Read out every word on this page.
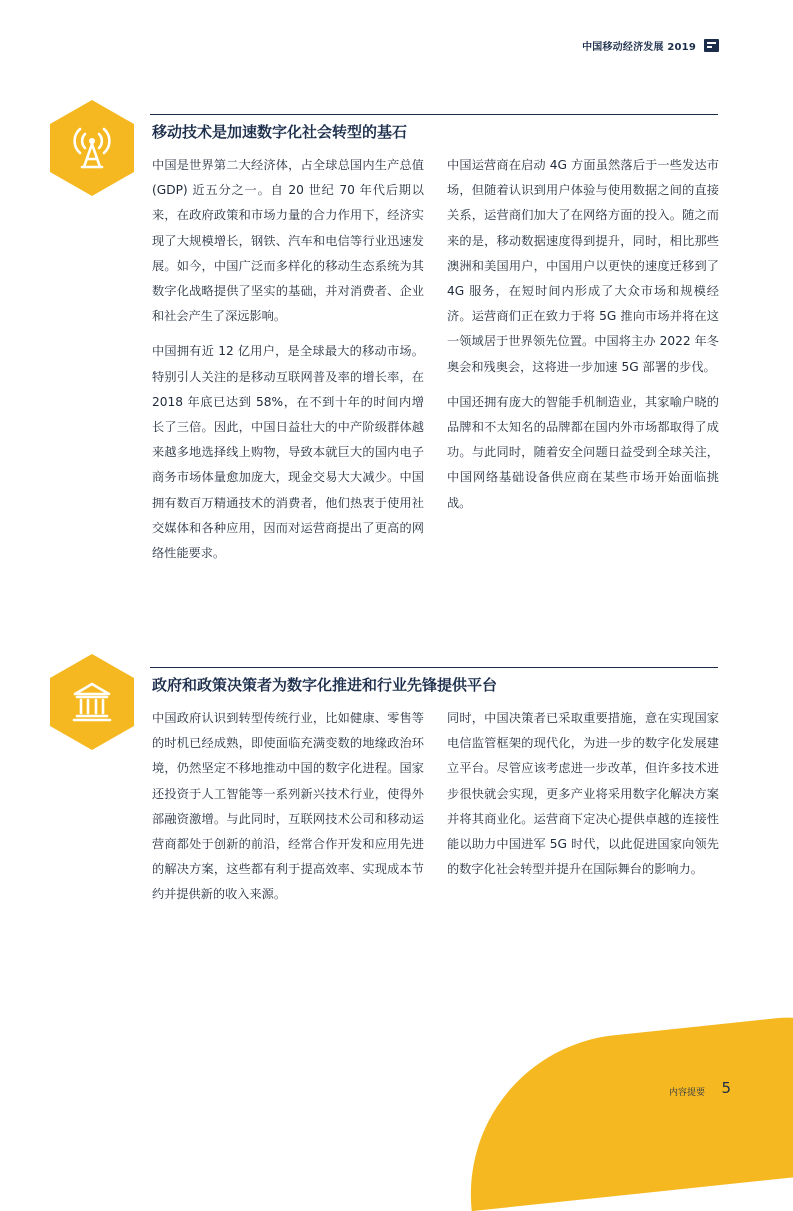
中国移动经济发展 2019
移动技术是加速数字化社会转型的基石

中国是世界第二大经济体，占全球总国内生产总值 (GDP) 近五分之一。自 20 世纪 70 年代后期以来，在政府政策和市场力量的合力作用下，经济实现了大规模增长，钢铁、汽车和电信等行业迅速发展。如今，中国广泛而多样化的移动生态系统为其数字化战略提供了坚实的基础，并对消费者、企业和社会产生了深远影响。

中国拥有近 12 亿用户，是全球最大的移动市场。特别引人关注的是移动互联网普及率的增长率，在 2018 年底已达到 58%，在不到十年的时间内增长了三倍。因此，中国日益壮大的中产阶级群体越来越多地选择线上购物，导致本就巨大的国内电子商务市场体量愈加庞大，现金交易大大减少。中国拥有数百万精通技术的消费者，他们热衷于使用社交媒体和各种应用，因而对运营商提出了更高的网络性能要求。

中国运营商在启动 4G 方面虽然落后于一些发达市场，但随着认识到用户体验与使用数据之间的直接关系，运营商们加大了在网络方面的投入。随之而来的是，移动数据速度得到提升，同时，相比那些澳洲和美国用户，中国用户以更快的速度迁移到了 4G 服务，在短时间内形成了大众市场和规模经济。运营商们正在致力于将 5G 推向市场并将在这一领域居于世界领先位置。中国将主办 2022 年冬奥会和残奥会，这将进一步加速 5G 部署的步伐。

中国还拥有庞大的智能手机制造业，其家喻户晓的品牌和不太知名的品牌都在国内外市场都取得了成功。与此同时，随着安全问题日益受到全球关注，中国网络基础设备供应商在某些市场开始面临挑战。

政府和政策决策者为数字化推进和行业先锋提供平台

中国政府认识到转型传统行业，比如健康、零售等的时机已经成熟，即使面临充满变数的地缘政治环境，仍然坚定不移地推动中国的数字化进程。国家还投资于人工智能等一系列新兴技术行业，使得外部融资激增。与此同时，互联网技术公司和移动运营商都处于创新的前沿，经常合作开发和应用先进的解决方案，这些都有利于提高效率、实现成本节约并提供新的收入来源。

同时，中国决策者已采取重要措施，意在实现国家电信监管框架的现代化，为进一步的数字化发展建立平台。尽管应该考虑进一步改革，但许多技术进步很快就会实现，更多产业将采用数字化解决方案并将其商业化。运营商下定决心提供卓越的连接性能以助力中国进军 5G 时代，以此促进国家向领先的数字化社会转型并提升在国际舞台的影响力。

内容提要 5
